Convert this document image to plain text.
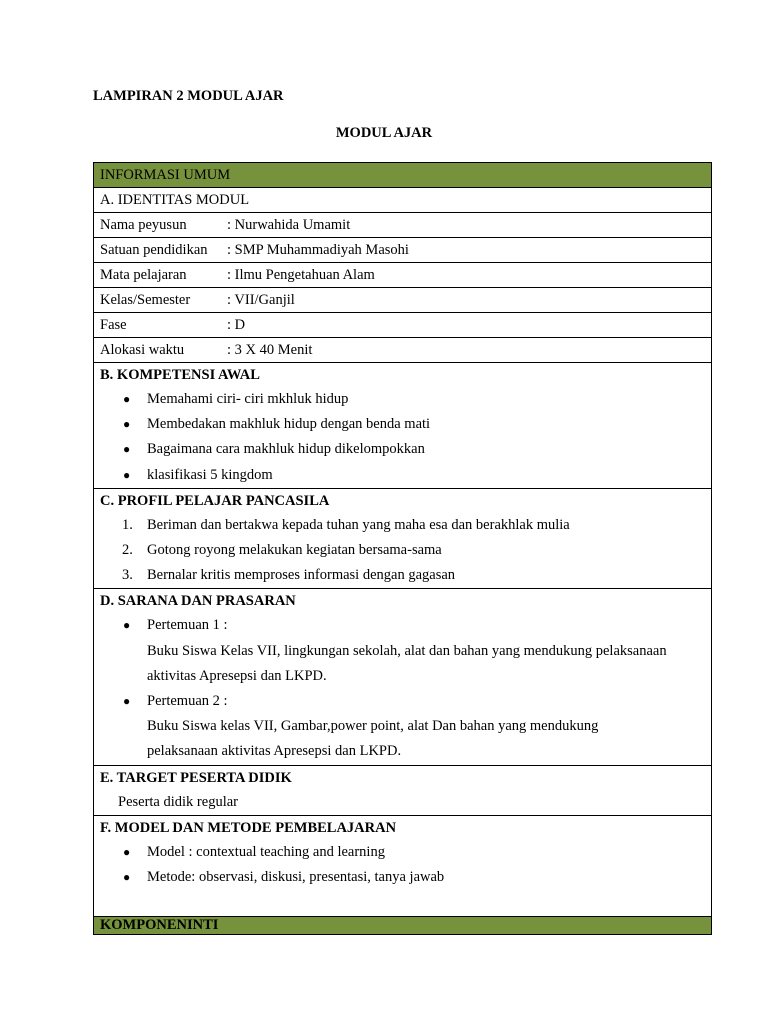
LAMPIRAN 2 MODUL AJAR
MODUL AJAR
INFORMASI UMUM
A. IDENTITAS MODUL
Nama peyusun	: Nurwahida Umamit
Satuan pendidikan	: SMP Muhammadiyah Masohi
Mata pelajaran	: Ilmu Pengetahuan Alam
Kelas/Semester	: VII/Ganjil
Fase	: D
Alokasi waktu	: 3 X 40 Menit
B. KOMPETENSI AWAL
● Memahami ciri- ciri mkhluk hidup
● Membedakan makhluk hidup dengan benda mati
● Bagaimana cara makhluk hidup dikelompokkan
● klasifikasi 5 kingdom
C. PROFIL PELAJAR PANCASILA
1. Beriman dan bertakwa kepada tuhan yang maha esa dan berakhlak mulia
2. Gotong royong melakukan kegiatan bersama-sama
3. Bernalar kritis memproses informasi dengan gagasan
D. SARANA DAN PRASARAN
● Pertemuan 1 :
Buku Siswa Kelas VII, lingkungan sekolah, alat dan bahan yang mendukung pelaksanaan
aktivitas Apresepsi dan LKPD.
● Pertemuan 2 :
Buku Siswa kelas VII, Gambar,power point, alat Dan bahan yang mendukung
pelaksanaan aktivitas Apresepsi dan LKPD.
E. TARGET PESERTA DIDIK
Peserta didik regular
F. MODEL DAN METODE PEMBELAJARAN
● Model : contextual teaching and learning
● Metode: observasi, diskusi, presentasi, tanya jawab
KOMPONENINTI
